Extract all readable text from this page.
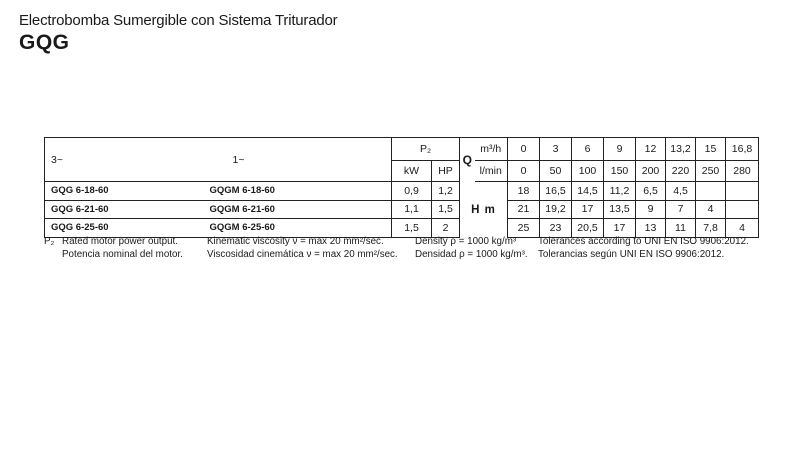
Electrobomba Sumergible con Sistema Triturador
GQG
3~	1~	P₂		Q	m³/h	0	3	6	9	12	13,2	15	16,8
		kW	HP		l/min	0	50	100	150	200	220	250	280
GQG 6-18-60	GQGM 6-18-60	0,9	1,2	H m		18	16,5	14,5	11,2	6,5	4,5		
GQG 6-21-60	GQGM 6-21-60	1,1	1,5			21	19,2	17	13,5	9	7	4	
GQG 6-25-60	GQGM 6-25-60	1,5	2			25	23	20,5	17	13	11	7,8	4
P₂ Rated motor power output.
Potencia nominal del motor.
Kinematic viscosity ν = max 20 mm²/sec.
Viscosidad cinemática ν = max 20 mm²/sec.
Density ρ = 1000 kg/m³
Densidad ρ = 1000 kg/m³.
Tolerances according to UNI EN ISO 9906:2012.
Tolerancias según UNI EN ISO 9906:2012.
